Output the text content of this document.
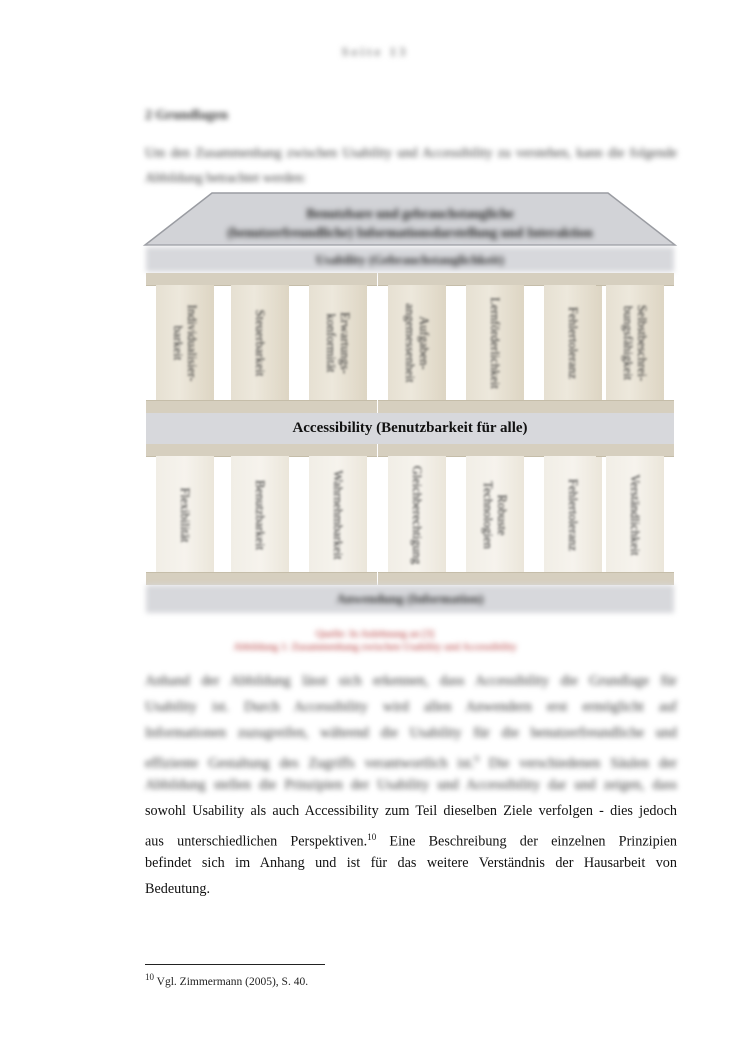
Seite 13
2 Grundlagen
Um den Zusammenhang zwischen Usability und Accessibility zu verstehen, kann die folgende Abbildung betrachtet werden:
Benutzbare und gebrauchstaugliche
(benutzerfreundliche) Informationsdarstellung und Interaktion
Usability (Gebrauchstauglichkeit)
Individualisier-
barkeit	Steuerbarkeit	Erwartungs-
konformität	Aufgaben-
angemessenheit	Lernförderlichkeit	Fehlertoleranz	Selbstbeschrei-
bungsfähigkeit
Accessibility (Benutzbarkeit für alle)
Flexibilität	Benutzbarkeit	Wahrnehmbarkeit	Gleichberechtigung	Robuste Technologien	Fehlertoleranz	Verständlichkeit
Anwendung (Information)
Quelle: In Anlehnung an [3]
Abbildung 1: Zusammenhang zwischen Usability und Accessibility
Anhand der Abbildung lässt sich erkennen, dass Accessibility die Grundlage für
Usability ist. Durch Accessibility wird allen Anwendern erst ermöglicht auf
Informationen zuzugreifen, während die Usability für die benutzerfreundliche und
effiziente Gestaltung des Zugriffs verantwortlich ist.$^9$ Die verschiedenen Säulen der
Abbildung stellen die Prinzipien der Usability und Accessibility dar und zeigen, dass
sowohl Usability als auch Accessibility zum Teil dieselben Ziele verfolgen - dies jedoch
aus unterschiedlichen Perspektiven.$^{10}$ Eine Beschreibung der einzelnen Prinzipien
befindet sich im Anhang und ist für das weitere Verständnis der Hausarbeit von
Bedeutung.
$^{10}$ Vgl. Zimmermann (2005), S. 40.
